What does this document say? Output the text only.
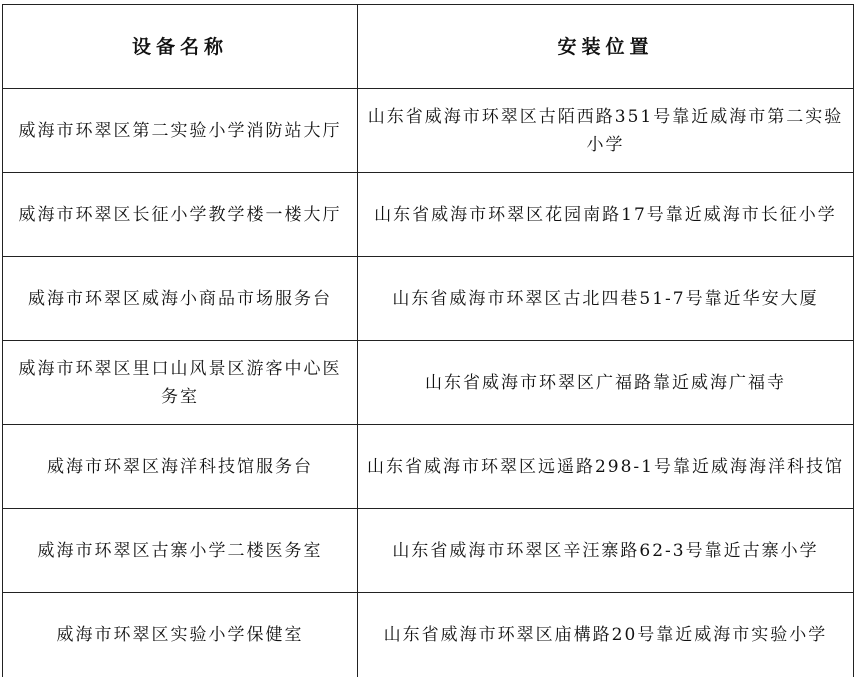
设备名称	安装位置
威海市环翠区第二实验小学消防站大厅	山东省威海市环翠区古陌西路351号靠近威海市第二实验小学
威海市环翠区长征小学教学楼一楼大厅	山东省威海市环翠区花园南路17号靠近威海市长征小学
威海市环翠区威海小商品市场服务台	山东省威海市环翠区古北四巷51-7号靠近华安大厦
威海市环翠区里口山风景区游客中心医务室	山东省威海市环翠区广福路靠近威海广福寺
威海市环翠区海洋科技馆服务台	山东省威海市环翠区远遥路298-1号靠近威海海洋科技馆
威海市环翠区古寨小学二楼医务室	山东省威海市环翠区辛汪寨路62-3号靠近古寨小学
威海市环翠区实验小学保健室	山东省威海市环翠区庙構路20号靠近威海市实验小学
